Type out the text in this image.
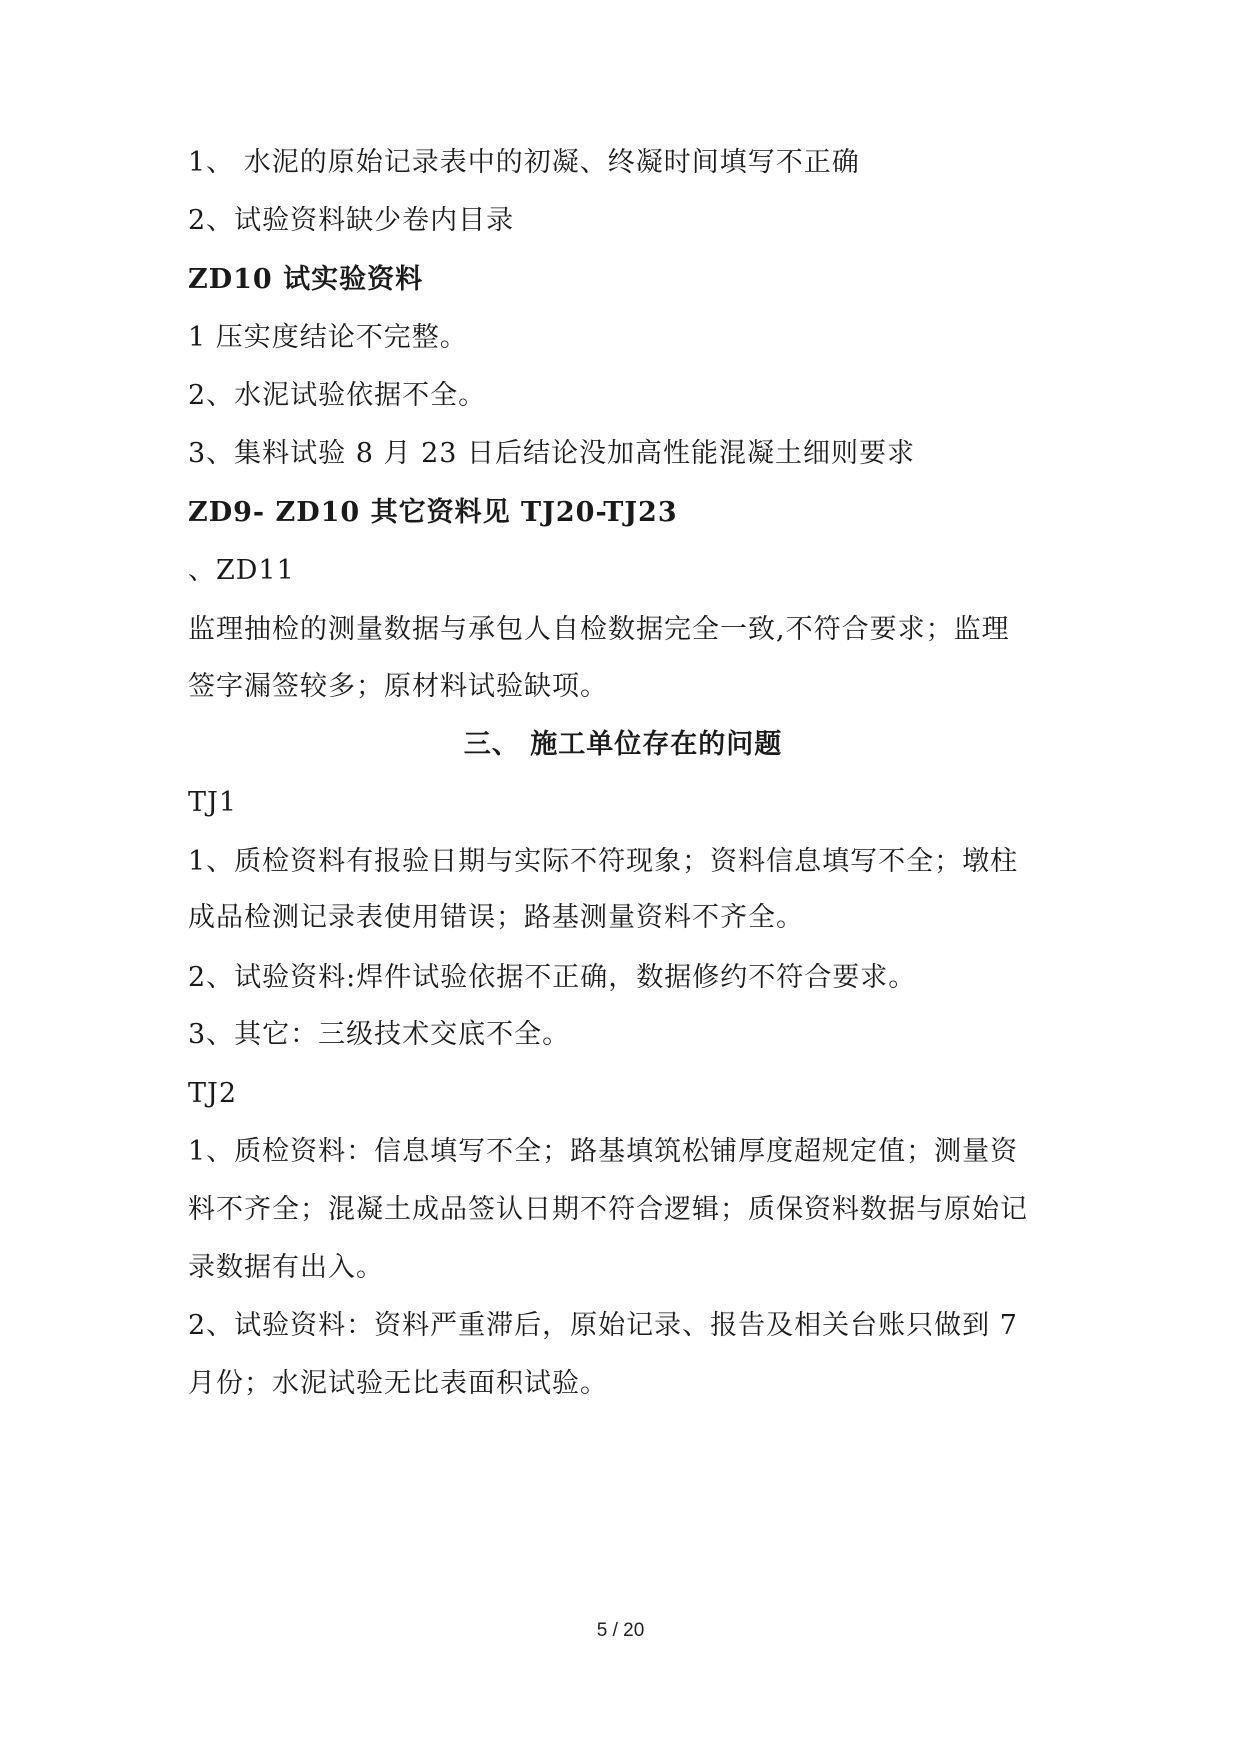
1、 水泥的原始记录表中的初凝、终凝时间填写不正确
2、试验资料缺少卷内目录
ZD10 试实验资料
1 压实度结论不完整。
2、水泥试验依据不全。
3、集料试验 8 月 23 日后结论没加高性能混凝土细则要求
ZD9- ZD10 其它资料见 TJ20-TJ23
、ZD11
监理抽检的测量数据与承包人自检数据完全一致,不符合要求；监理
签字漏签较多；原材料试验缺项。
三、 施工单位存在的问题
TJ1
1、质检资料有报验日期与实际不符现象；资料信息填写不全；墩柱
成品检测记录表使用错误；路基测量资料不齐全。
2、试验资料:焊件试验依据不正确，数据修约不符合要求。
3、其它：三级技术交底不全。
TJ2
1、质检资料：信息填写不全；路基填筑松铺厚度超规定值；测量资
料不齐全；混凝土成品签认日期不符合逻辑；质保资料数据与原始记
录数据有出入。
2、试验资料：资料严重滞后，原始记录、报告及相关台账只做到 7
月份；水泥试验无比表面积试验。
5 / 20
